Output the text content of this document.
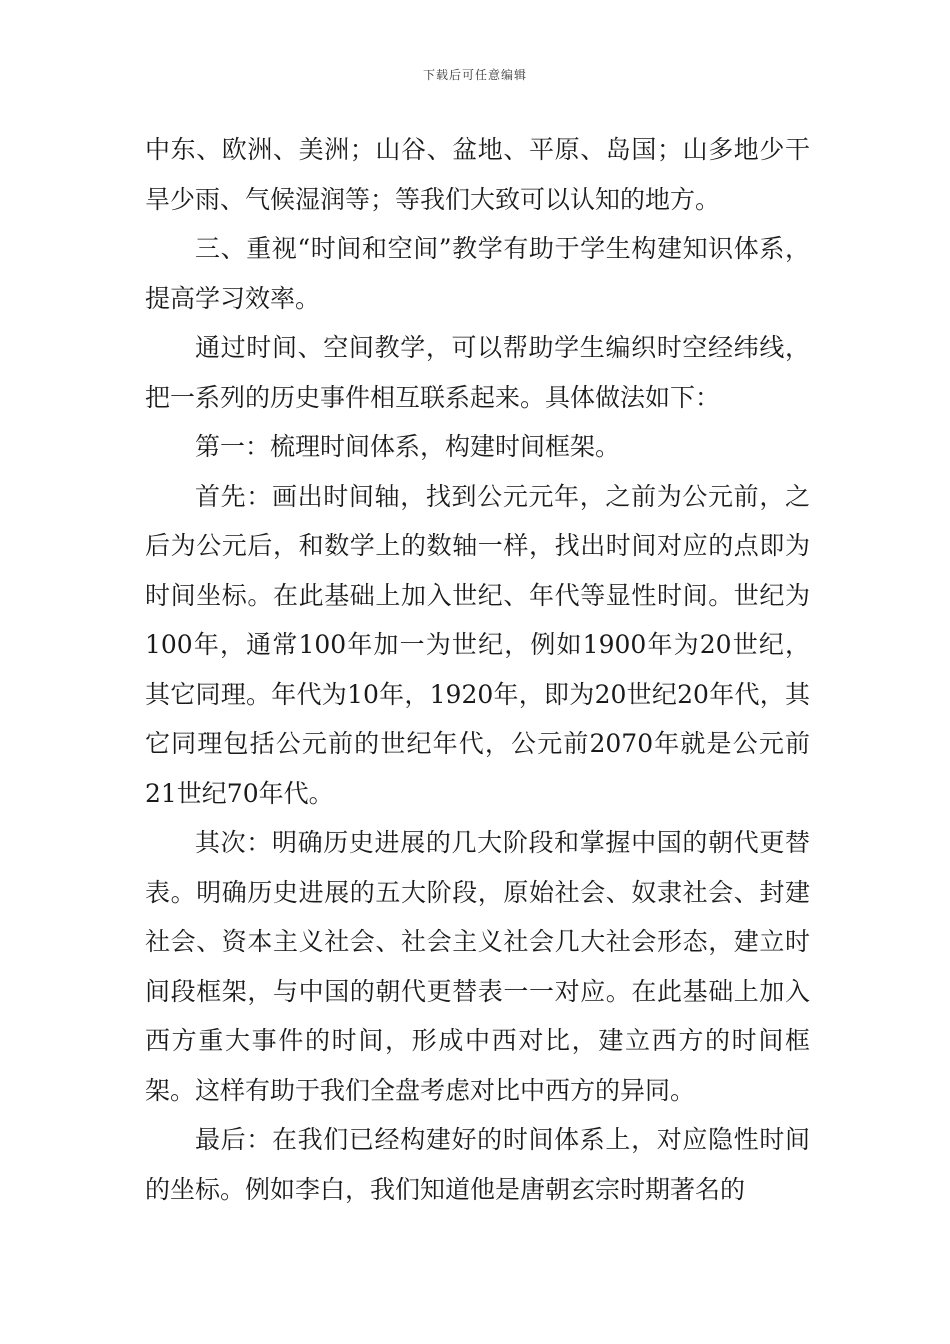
下载后可任意编辑

中东、欧洲、美洲；山谷、盆地、平原、岛国；山多地少干旱少雨、气候湿润等；等我们大致可以认知的地方。

三、重视“时间和空间”教学有助于学生构建知识体系，提高学习效率。

通过时间、空间教学，可以帮助学生编织时空经纬线，把一系列的历史事件相互联系起来。具体做法如下：

第一：梳理时间体系，构建时间框架。

首先：画出时间轴，找到公元元年，之前为公元前，之后为公元后，和数学上的数轴一样，找出时间对应的点即为时间坐标。在此基础上加入世纪、年代等显性时间。世纪为100年，通常100年加一为世纪，例如1900年为20世纪，其它同理。年代为10年，1920年，即为20世纪20年代，其它同理包括公元前的世纪年代，公元前2070年就是公元前21世纪70年代。

其次：明确历史进展的几大阶段和掌握中国的朝代更替表。明确历史进展的五大阶段，原始社会、奴隶社会、封建社会、资本主义社会、社会主义社会几大社会形态，建立时间段框架，与中国的朝代更替表一一对应。在此基础上加入西方重大事件的时间，形成中西对比，建立西方的时间框架。这样有助于我们全盘考虑对比中西方的异同。

最后：在我们已经构建好的时间体系上，对应隐性时间的坐标。例如李白，我们知道他是唐朝玄宗时期著名的
